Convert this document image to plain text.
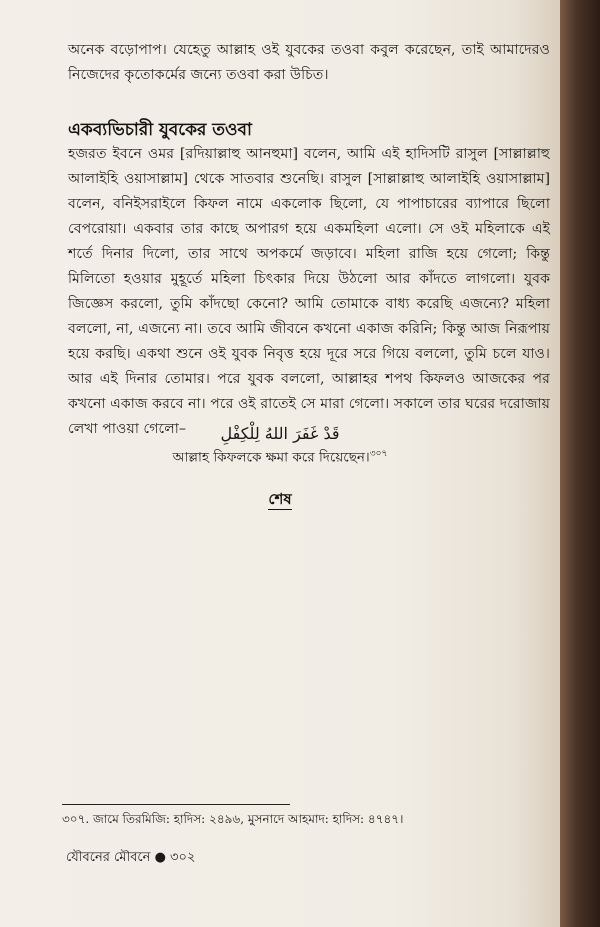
অনেক বড়োপাপ। যেহেতু আল্লাহ ওই যুবকের তওবা কবুল করেছেন, তাই আমাদেরও নিজেদের কৃতোকর্মের জন্যে তওবা করা উচিত।

একব্যভিচারী যুবকের তওবা

হজরত ইবনে ওমর [রদিয়াল্লাহু আনহুমা] বলেন, আমি এই হাদিসটি রাসুল [সাল্লাল্লাহু আলাইহি ওয়াসাল্লাম] থেকে সাতবার শুনেছি। রাসুল [সাল্লাল্লাহু আলাইহি ওয়াসাল্লাম] বলেন, বনিইসরাইলে কিফল নামে একলোক ছিলো, যে পাপাচারের ব্যাপারে ছিলো বেপরোয়া। একবার তার কাছে অপারগ হয়ে একমহিলা এলো। সে ওই মহিলাকে এই শর্তে দিনার দিলো, তার সাথে অপকর্মে জড়াবে। মহিলা রাজি হয়ে গেলো; কিন্তু মিলিতো হওয়ার মুহূর্তে মহিলা চিৎকার দিয়ে উঠলো আর কাঁদতে লাগলো। যুবক জিজ্ঞেস করলো, তুমি কাঁদছো কেনো? আমি তোমাকে বাধ্য করেছি এজন্যে? মহিলা বললো, না, এজন্যে না। তবে আমি জীবনে কখনো একাজ করিনি; কিন্তু আজ নিরূপায় হয়ে করছি। একথা শুনে ওই যুবক নিবৃত্ত হয়ে দূরে সরে গিয়ে বললো, তুমি চলে যাও। আর এই দিনার তোমার। পরে যুবক বললো, আল্লাহর শপথ কিফলও আজকের পর কখনো একাজ করবে না। পরে ওই রাতেই সে মারা গেলো। সকালে তার ঘরের দরোজায় লেখা পাওয়া গেলো–	قَدْ غَفَرَ اللهُ لِلْكِفْلِ
আল্লাহ কিফলকে ক্ষমা করে দিয়েছেন।$^{৩০৭}$
শেষ
৩০৭. জামে তিরমিজি: হাদিস: ২৪৯৬, মুসনাদে আহমাদ: হাদিস: ৪৭৪৭।
যৌবনের মৌবনে ● ৩০২
